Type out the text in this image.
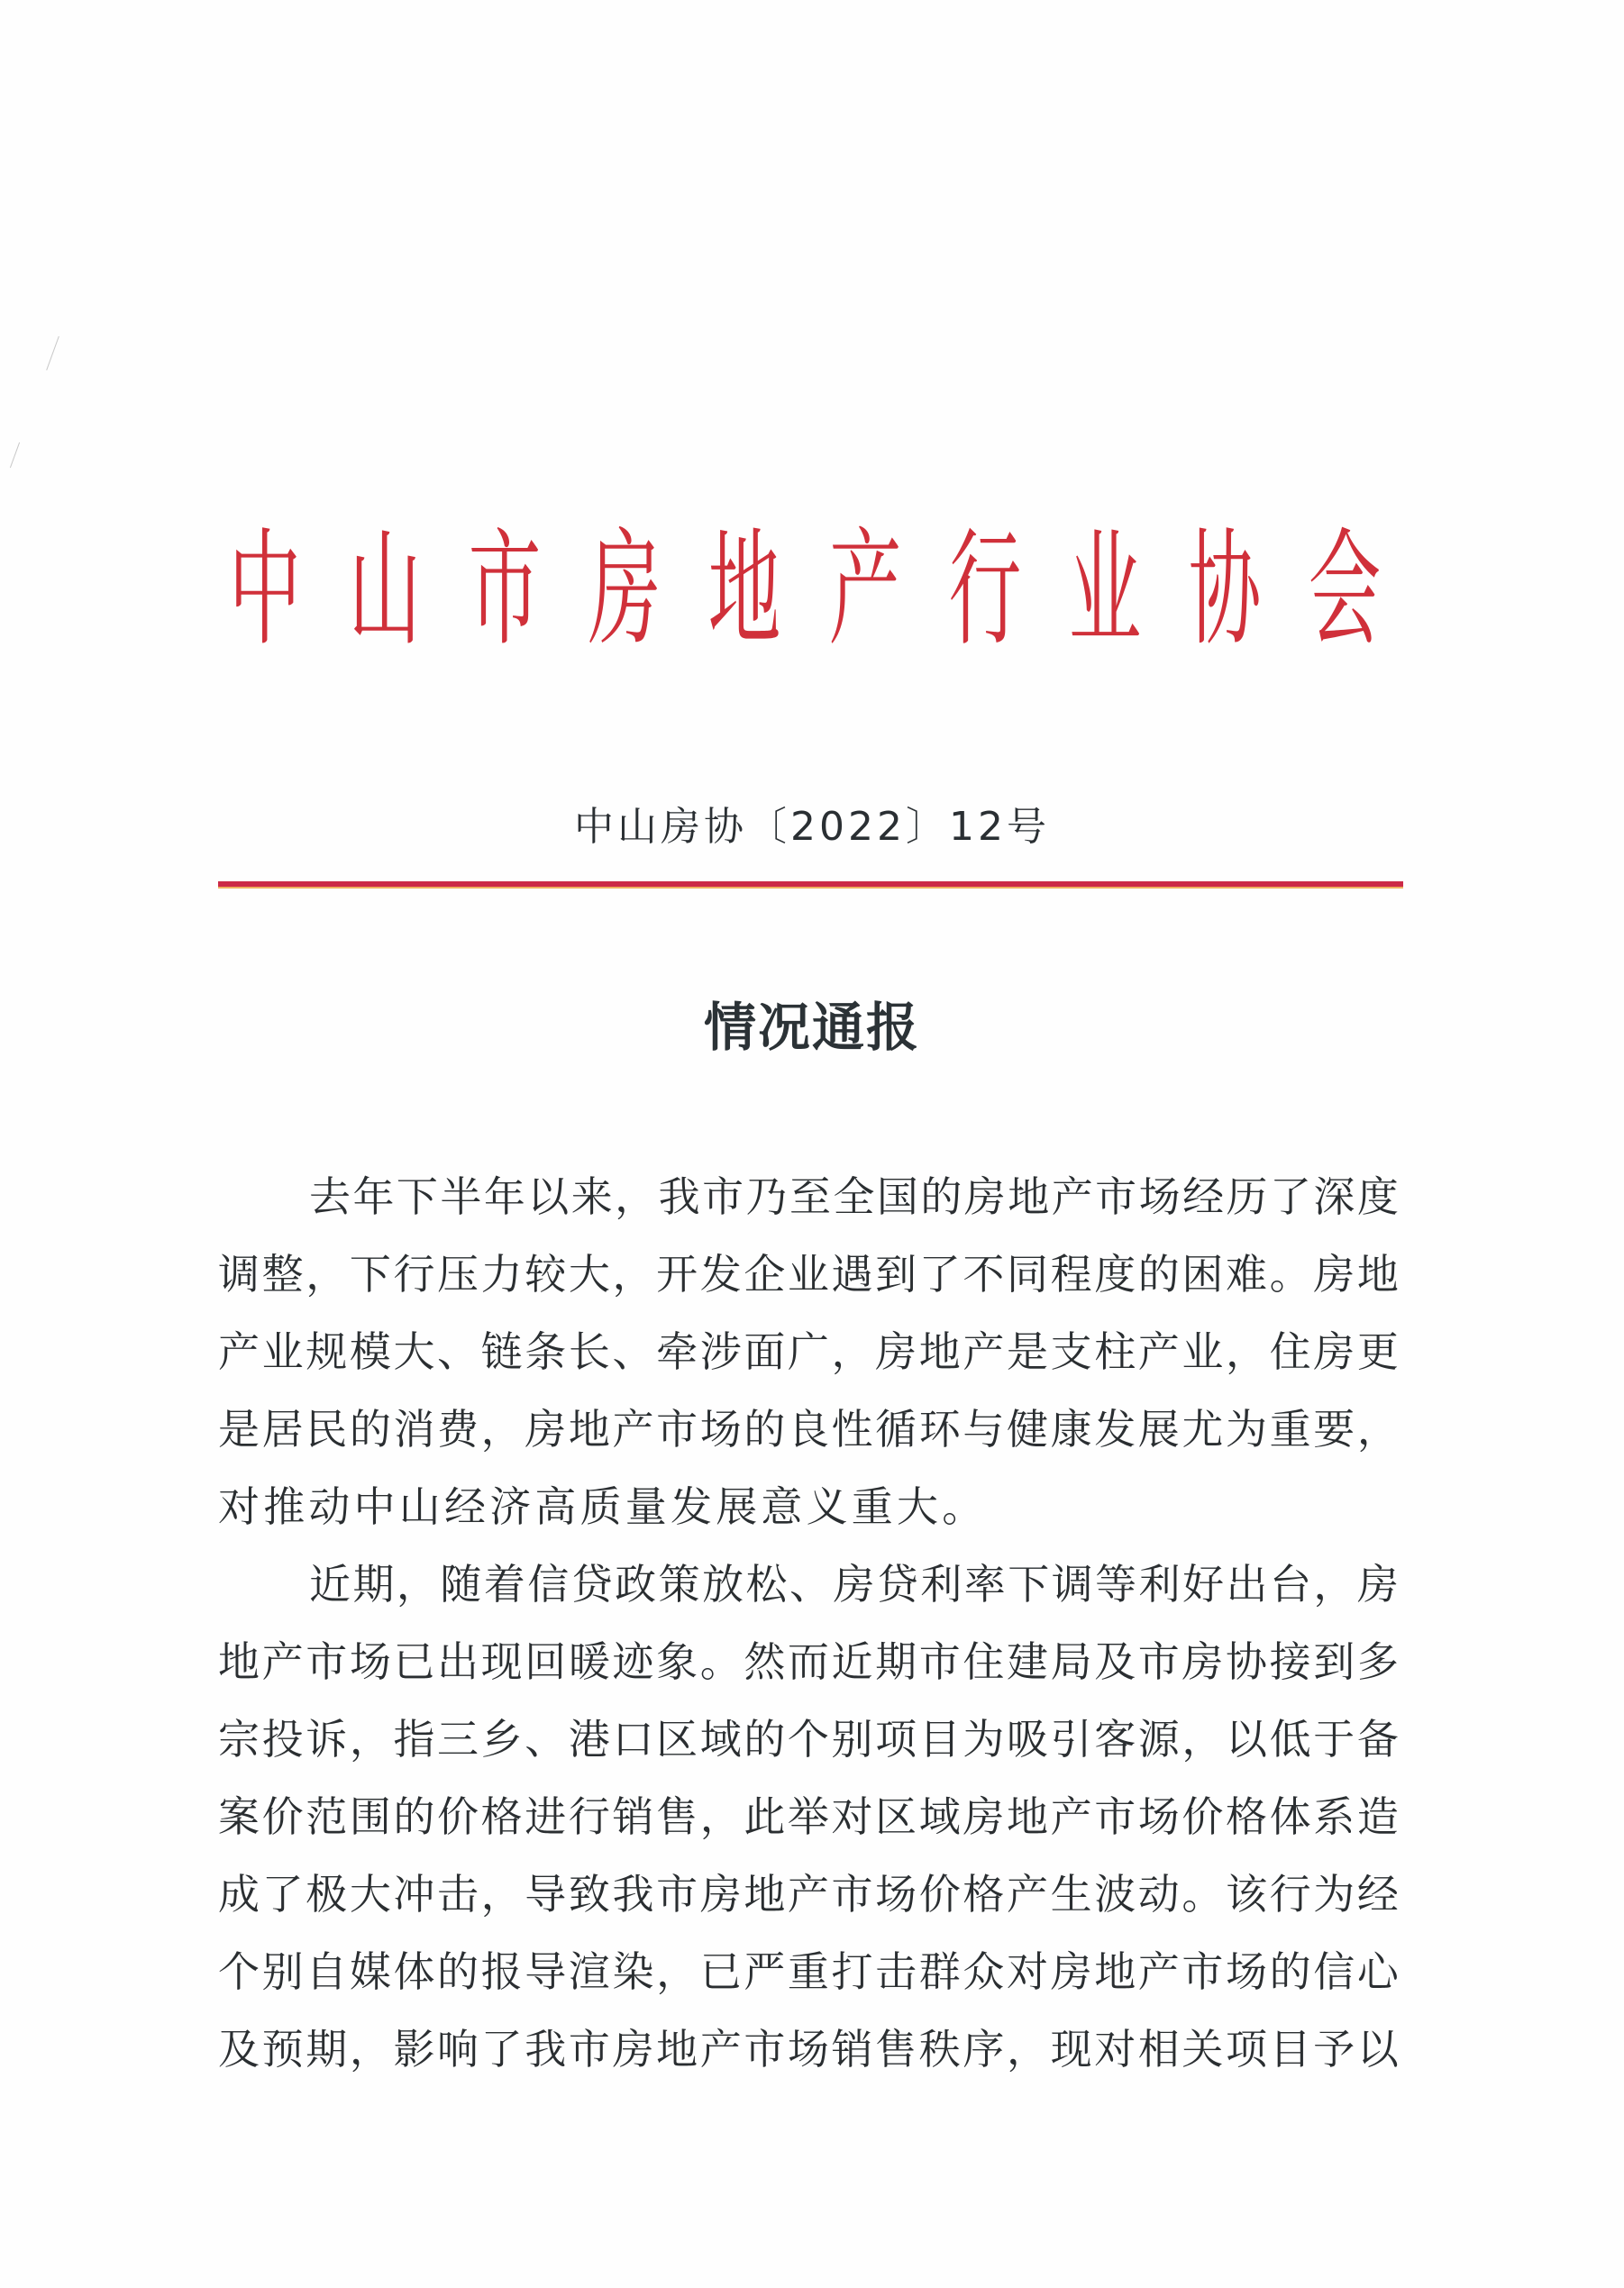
中 山 市 房 地 产 行 业 协 会
中山房协〔2022〕12号
情况通报
去 年 下 半 年 以 来 ， 我 市 乃 至 全 国 的 房 地 产 市 场 经 历 了 深 度
调 整 ， 下 行 压 力 较 大 ， 开 发 企 业 遇 到 了 不 同 程 度 的 困 难 。 房 地
产 业 规 模 大 、 链 条 长 、 牵 涉 面 广 ， 房 地 产 是 支 柱 产 业 ， 住 房 更
是 居 民 的 消 费 ， 房 地 产 市 场 的 良 性 循 环 与 健 康 发 展 尤 为 重 要 ，
对推动中山经济高质量发展意义重大。
近 期 ， 随 着 信 贷 政 策 放 松 、 房 贷 利 率 下 调 等 利 好 出 台 ， 房
地 产 市 场 已 出 现 回 暖 迹 象 。 然 而 近 期 市 住 建 局 及 市 房 协 接 到 多
宗 投 诉 ， 指 三 乡 、 港 口 区 域 的 个 别 项 目 为 吸 引 客 源 ， 以 低 于 备
案 价 范 围 的 价 格 进 行 销 售 ， 此 举 对 区 域 房 地 产 市 场 价 格 体 系 造
成 了 极 大 冲 击 ， 导 致 我 市 房 地 产 市 场 价 格 产 生 波 动 。 该 行 为 经
个 别 自 媒 体 的 报 导 渲 染 ， 已 严 重 打 击 群 众 对 房 地 产 市 场 的 信 心
及 预 期 ， 影 响 了 我 市 房 地 产 市 场 销 售 秩 序 ， 现 对 相 关 项 目 予 以
